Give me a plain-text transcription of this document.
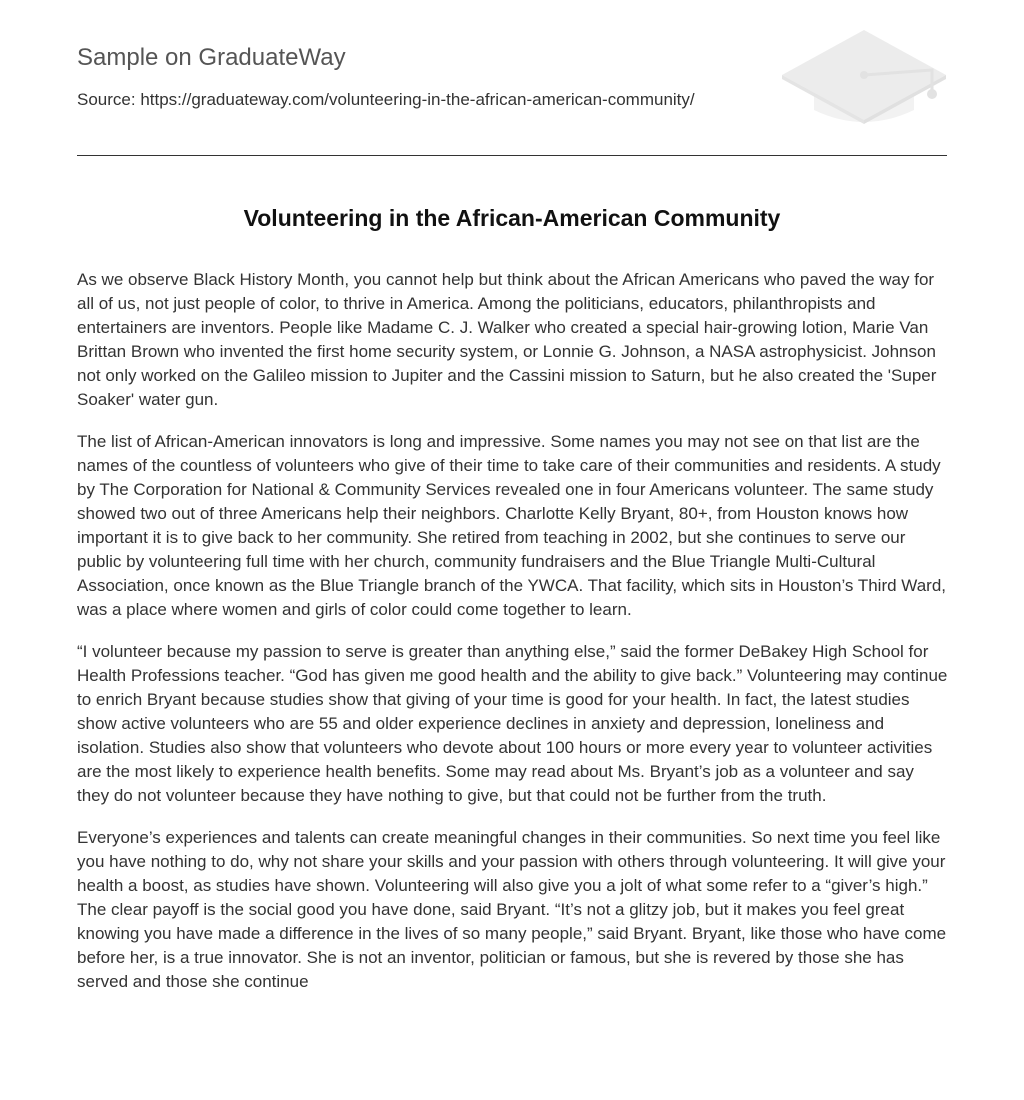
Sample on GraduateWay
Source: https://graduateway.com/volunteering-in-the-african-american-community/
Volunteering in the African-American Community

As we observe Black History Month, you cannot help but think about the African Americans who paved the way for all of us, not just people of color, to thrive in America. Among the politicians, educators, philanthropists and entertainers are inventors. People like Madame C. J. Walker who created a special hair-growing lotion, Marie Van Brittan Brown who invented the first home security system, or Lonnie G. Johnson, a NASA astrophysicist. Johnson not only worked on the Galileo mission to Jupiter and the Cassini mission to Saturn, but he also created the 'Super Soaker' water gun.

The list of African-American innovators is long and impressive. Some names you may not see on that list are the names of the countless of volunteers who give of their time to take care of their communities and residents. A study by The Corporation for National & Community Services revealed one in four Americans volunteer. The same study showed two out of three Americans help their neighbors. Charlotte Kelly Bryant, 80+, from Houston knows how important it is to give back to her community. She retired from teaching in 2002, but she continues to serve our public by volunteering full time with her church, community fundraisers and the Blue Triangle Multi-Cultural Association, once known as the Blue Triangle branch of the YWCA. That facility, which sits in Houston’s Third Ward, was a place where women and girls of color could come together to learn.

“I volunteer because my passion to serve is greater than anything else,” said the former DeBakey High School for Health Professions teacher. “God has given me good health and the ability to give back.” Volunteering may continue to enrich Bryant because studies show that giving of your time is good for your health. In fact, the latest studies show active volunteers who are 55 and older experience declines in anxiety and depression, loneliness and isolation. Studies also show that volunteers who devote about 100 hours or more every year to volunteer activities are the most likely to experience health benefits. Some may read about Ms. Bryant’s job as a volunteer and say they do not volunteer because they have nothing to give, but that could not be further from the truth.

Everyone’s experiences and talents can create meaningful changes in their communities. So next time you feel like you have nothing to do, why not share your skills and your passion with others through volunteering. It will give your health a boost, as studies have shown. Volunteering will also give you a jolt of what some refer to a “giver’s high.” The clear payoff is the social good you have done, said Bryant. “It’s not a glitzy job, but it makes you feel great knowing you have made a difference in the lives of so many people,” said Bryant. Bryant, like those who have come before her, is a true innovator. She is not an inventor, politician or famous, but she is revered by those she has served and those she continue
